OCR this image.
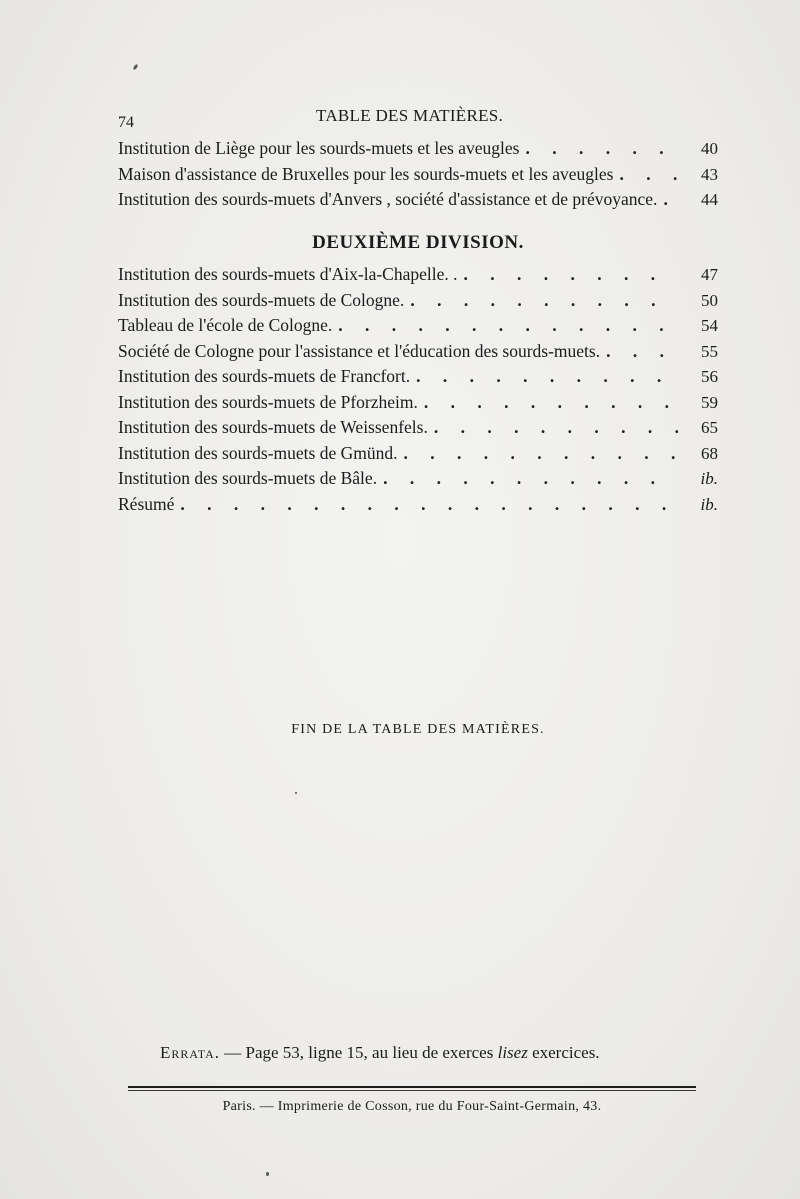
74	TABLE DES MATIÈRES.
Institution de Liège pour les sourds-muets et les aveugles . . .	40
Maison d'assistance de Bruxelles pour les sourds-muets et les aveugles . . .	43
Institution des sourds-muets d'Anvers , société d'assistance et de prévoyance. . . .	44
DEUXIÈME DIVISION.
Institution des sourds-muets d'Aix-la-Chapelle. . . . .	47
Institution des sourds-muets de Cologne. . . .	50
Tableau de l'école de Cologne. . . .	54
Société de Cologne pour l'assistance et l'éducation des sourds-muets. . . .	55
Institution des sourds-muets de Francfort. . . .	56
Institution des sourds-muets de Pforzheim. . . .	59
Institution des sourds-muets de Weissenfels. . . .	65
Institution des sourds-muets de Gmünd. . . .	68
Institution des sourds-muets de Bâle. . . .	ib.
Résumé . . .	ib.
FIN DE LA TABLE DES MATIÈRES.
Errata. — Page 53, ligne 15, au lieu de exerces lisez exercices.
Paris. — Imprimerie de Cosson, rue du Four-Saint-Germain, 43.
